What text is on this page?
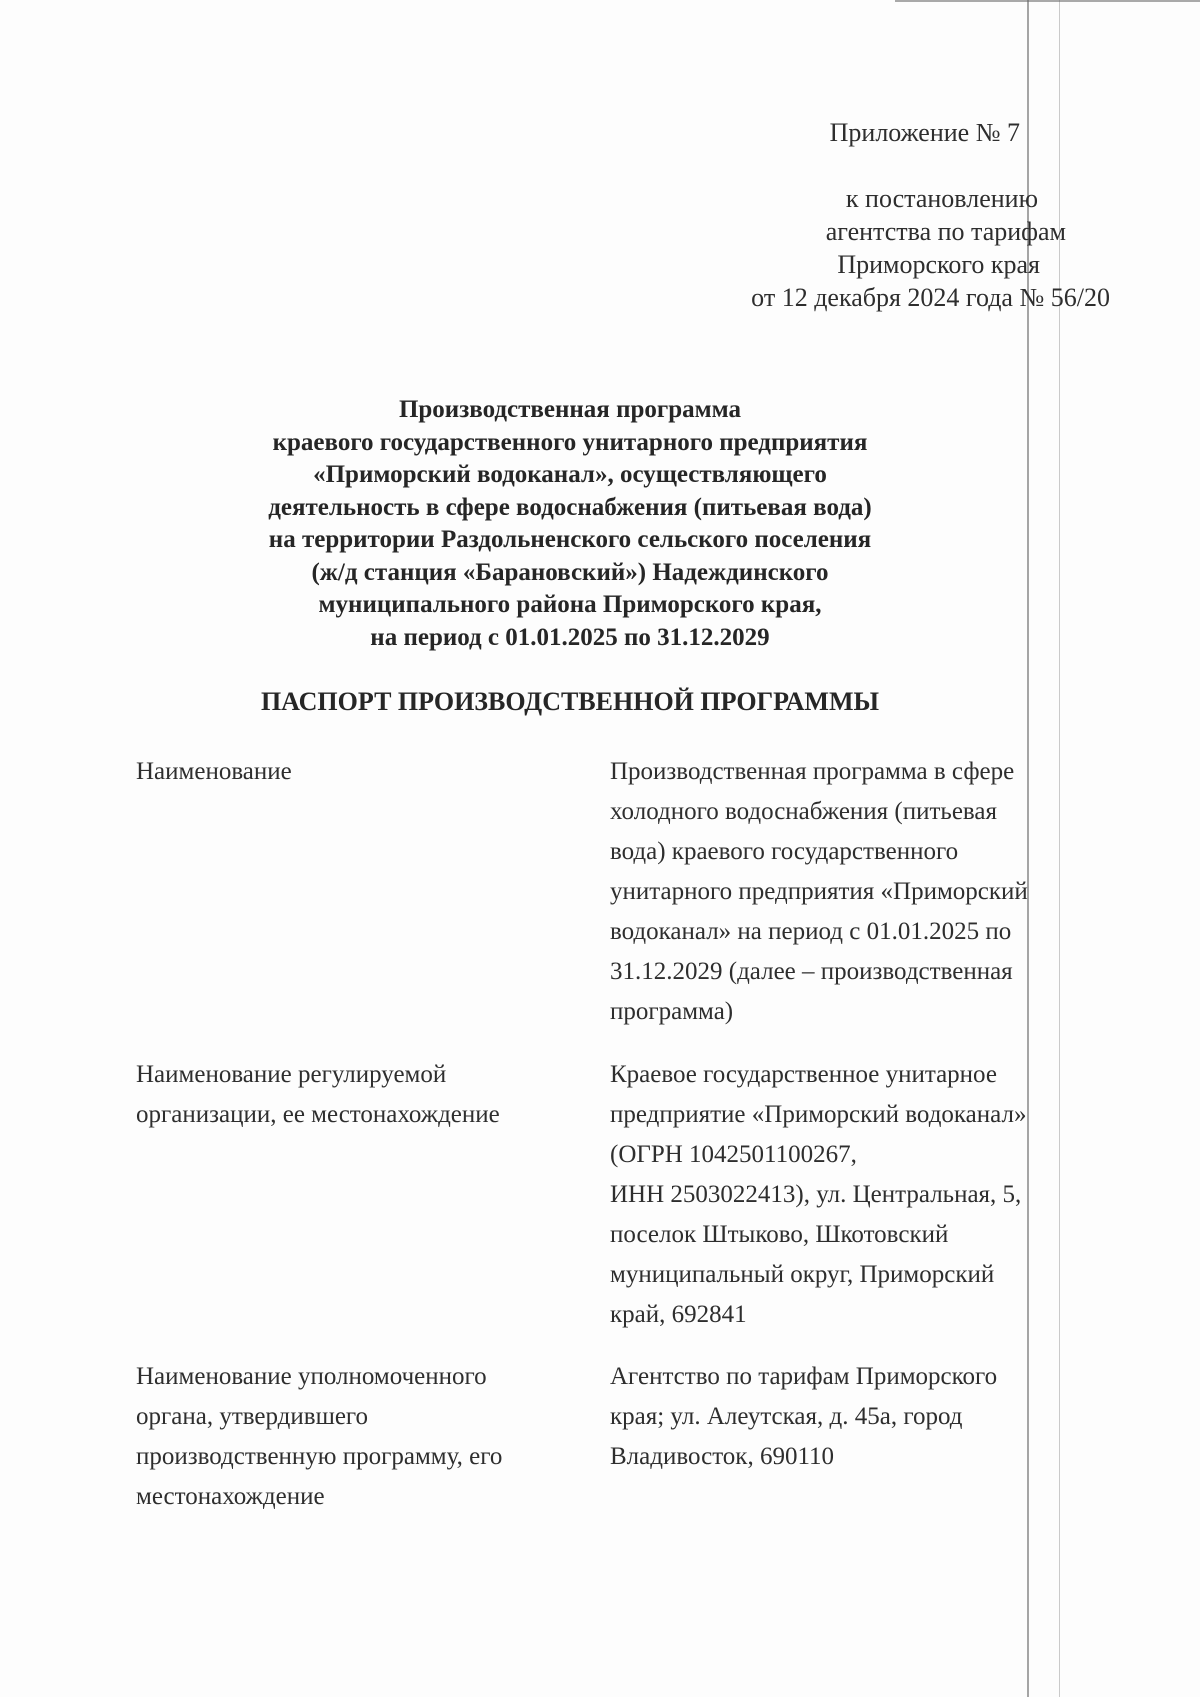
Приложение № 7
к постановлению
агентства по тарифам
Приморского края
от 12 декабря 2024 года № 56/20
Производственная программа
краевого государственного унитарного предприятия
«Приморский водоканал», осуществляющего
деятельность в сфере водоснабжения (питьевая вода)
на территории Раздольненского сельского поселения
(ж/д станция «Барановский») Надеждинского
муниципального района Приморского края,
на период с 01.01.2025 по 31.12.2029
ПАСПОРТ ПРОИЗВОДСТВЕННОЙ ПРОГРАММЫ
Наименование	Производственная программа в сфере
холодного водоснабжения (питьевая
вода) краевого государственного
унитарного предприятия «Приморский
водоканал» на период с 01.01.2025 по
31.12.2029 (далее – производственная
программа)
Наименование регулируемой
организации, ее местонахождение
Краевое государственное унитарное
предприятие «Приморский водоканал»
(ОГРН 1042501100267,
ИНН 2503022413), ул. Центральная, 5,
поселок Штыково, Шкотовский
муниципальный округ, Приморский
край, 692841
Наименование уполномоченного
органа, утвердившего
производственную программу, его
местонахождение
Агентство по тарифам Приморского
края; ул. Алеутская, д. 45а, город
Владивосток, 690110
